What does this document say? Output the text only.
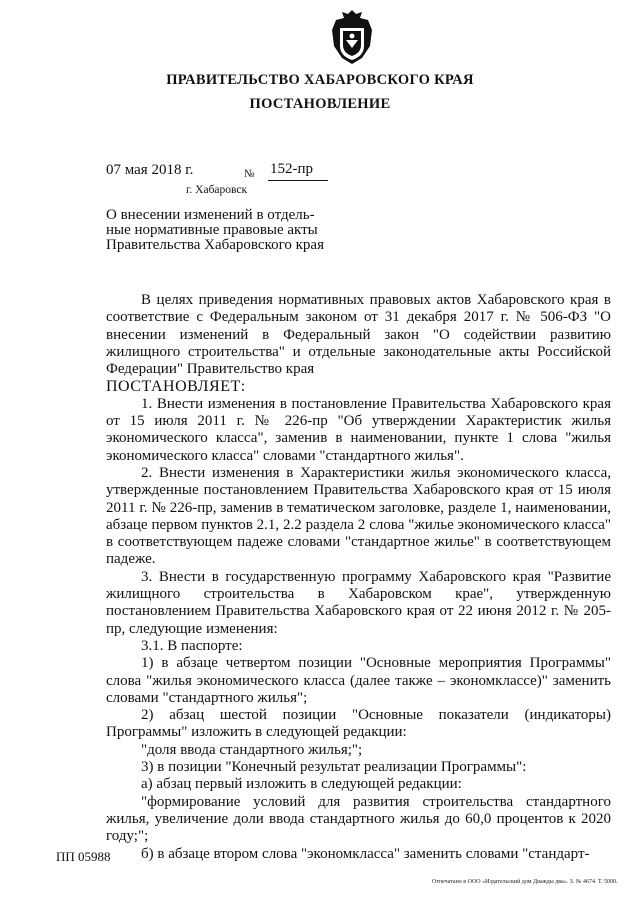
ПРАВИТЕЛЬСТВО ХАБАРОВСКОГО КРАЯ
ПОСТАНОВЛЕНИЕ
07 мая 2018 г.	№ 152-пр
г. Хабаровск
О внесении изменений в отдель-
ные нормативные правовые акты
Правительства Хабаровского края

В целях приведения нормативных правовых актов Хабаровского края в соответствие с Федеральным законом от 31 декабря 2017 г. № 506-ФЗ "О внесении изменений в Федеральный закон "О содействии развитию жилищного строительства" и отдельные законодательные акты Российской Федерации" Правительство края

ПОСТАНОВЛЯЕТ:

1. Внести изменения в постановление Правительства Хабаровского края от 15 июля 2011 г. № 226-пр "Об утверждении Характеристик жилья экономического класса", заменив в наименовании, пункте 1 слова "жилья экономического класса" словами "стандартного жилья".

2. Внести изменения в Характеристики жилья экономического класса, утвержденные постановлением Правительства Хабаровского края от 15 июля 2011 г. № 226-пр, заменив в тематическом заголовке, разделе 1, наименовании, абзаце первом пунктов 2.1, 2.2 раздела 2 слова "жилье экономического класса" в соответствующем падеже словами "стандартное жилье" в соответствующем падеже.

3. Внести в государственную программу Хабаровского края "Развитие жилищного строительства в Хабаровском крае", утвержденную постановлением Правительства Хабаровского края от 22 июня 2012 г. № 205-пр, следующие изменения:

3.1. В паспорте:

1) в абзаце четвертом позиции "Основные мероприятия Программы" слова "жилья экономического класса (далее также – экономклассе)" заменить словами "стандартного жилья";

2) абзац шестой позиции "Основные показатели (индикаторы) Программы" изложить в следующей редакции:

"доля ввода стандартного жилья;";

3) в позиции "Конечный результат реализации Программы":

а) абзац первый изложить в следующей редакции:

"формирование условий для развития строительства стандартного жилья, увеличение доли ввода стандартного жилья до 60,0 процентов к 2020 году;";

б) в абзаце втором слова "экономкласса" заменить словами "стандарт-

ПП 05988
Отпечатано в ООО «Издательский дом Дважды два». З. № 4674. Т. 5000.
